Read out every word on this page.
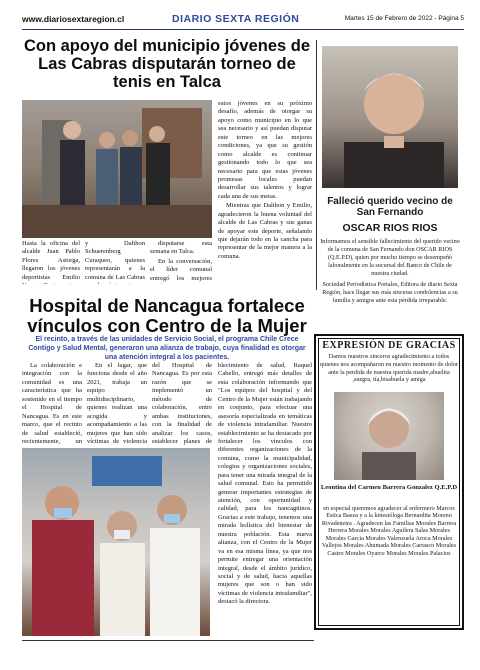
www.diariosextaregion.cl	DIARIO SEXTA REGIÓN	Martes 15 de Febrero de 2022 - Página 5
Con apoyo del municipio jóvenes de Las Cabras disputarán torneo de tenis en Talca
Hasta la oficina del alcalde Juan Pablo Flores Astorga, llegaron los jóvenes deportistas Emilio
y Dalthon Schuerenberg Curaqueo, quienes representarán a la comuna de Las Cabras

disputarse esta semana en Talca.

En la conversación, el líder comunal entregó los mejores

estos jóvenes en su próximo desafío, además de otorgar su apoyo como municipio en lo que sea necesario y así puedan disputar este torneo en las mejores condiciones, ya que su gestión como alcalde es continuar gestionando todo lo que sea necesario para que estas jóvenes promesas locales puedan desarrollar sus talentos y lograr cada una de sus metas.

Mientras que Dalthon y Emilio, agradecieron la buena voluntad del alcalde de Las Cabras y sus ganas de apoyar este deporte, señalando que dejarán todo en la cancha para representar de la mejor manera a la comuna.

Hospital de Nancagua fortalece vínculos con Centro de la Mujer
El recinto, a través de las unidades de Servicio Social, el programa Chile Crece Contigo y Salud Mental, generaron una alianza de trabajo, cuya finalidad es otorgar una atención integral a los pacientes.

La colaboración e integración con la comunidad es una característica que ha sostenido en el tiempo el Hospital de Nancagua. Es en este marco, que el recinto de salud estableció, recientemente, un

En el lugar, que funciona desde el año 2021, trabaja un equipo multidisciplinario, quienes realizan una acogida y acompañamiento a las mujeres que han sido víctimas de violencia

del Hospital de Nancagua. Es por esta razón que se implementó un método de colaboración, entre ambas instituciones, con la finalidad de analizar los casos, establecer planes de

blecimiento de salud, Raquel Cabello, entregó más detalles de esta colaboración informando que "Los equipos del hospital y del Centro de la Mujer están trabajando en conjunto, para efectuar una asesoría especializada en temáticas de violencia intrafamiliar. Nuestro establecimiento se ha destacado por fortalecer los vínculos con diferentes organizaciones de la comuna, como la municipalidad, colegios y organizaciones sociales, para tener una mirada integral de la salud comunal. Esto ha permitido generar importantes estrategias de atención, con oportunidad y calidad, para los nancagüinos. Gracias a este trabajo, tenemos una mirada holística del bienestar de nuestra población. Esta nueva alianza, con el Centro de la Mujer va en esa misma línea, ya que nos permite entregar una orientación integral, desde el ámbito jurídico, social y de salud, hacia aquellas mujeres que son o han sido víctimas de violencia intrafamiliar", destacó la directora.

Falleció querido vecino de San Fernando
OSCAR RIOS RIOS

Informamos el sensible fallecimiento del querido vecino de la comuna de San Fernando don OSCAR RIOS (Q.E.P.D), quien por mucho tiempo se desempeñó laboralmente en la sucursal del Banco de Chile de nuestra ciudad.

Sociedad Periodística Portales, Editora de diario Sexta Región, hace llegar sus más sinceras condolencias a su familia y amigos ante esta pérdida irreparable.

EXPRESIÓN DE GRACIAS
Damos nuestros sinceros agradecimiento a todos quienes nos acompañaron en nuestro momento de dolor ante la perdida de nuestra querida madre,abuelita ,suegra, tía,bisabuela y amiga
Leontina del Carmen Barrera Gonzalez Q.E.P.D
en especial queremos agradecer al enfermero Marcos Estica Baeza y a la kinesióloga Bernardita Moreno Rivadeneira . Agradecen las Familias Morales Barrera Herrera Morales Morales Aguilera Salas Morales Morales Garcia Morales Valenzuela Aroca Morales Vallejos Morales Ahumada Morales Carrasco Morales Castro Morales Oyarce Morales Morales Palacios
